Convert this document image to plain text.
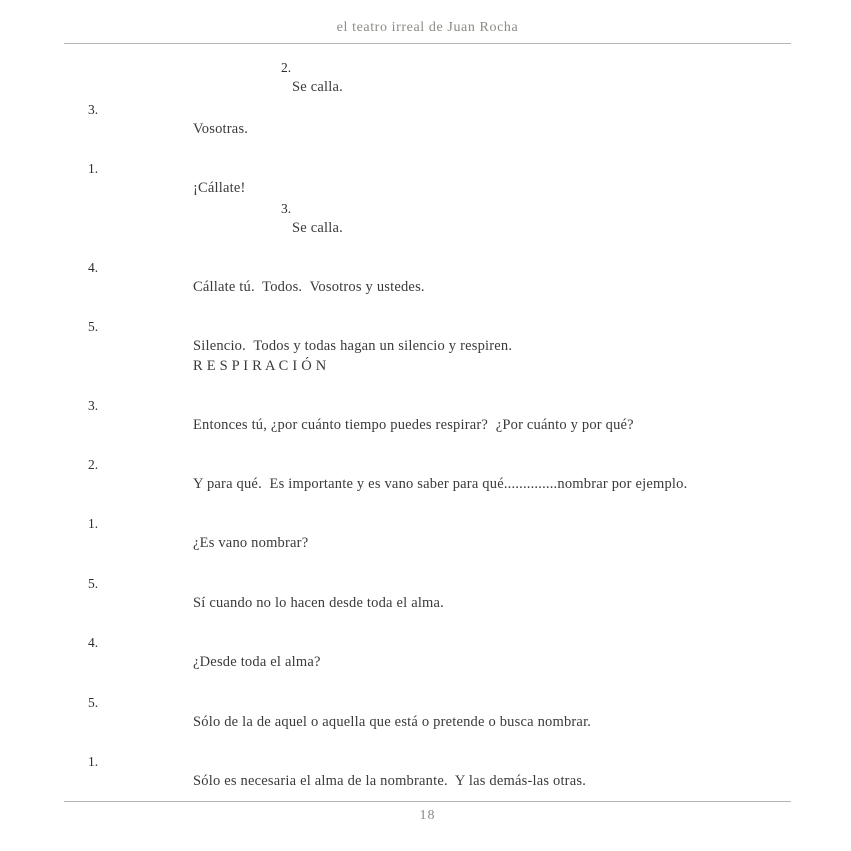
el teatro irreal de Juan Rocha
2.
Se calla.
3.
Vosotras.
1.
¡Cállate!
3.
Se calla.
4.
Cállate tú.  Todos.  Vosotros y ustedes.
5.
Silencio.  Todos y todas hagan un silencio y respiren.
R E S P I R A C I Ó N
3.
Entonces tú, ¿por cuánto tiempo puedes respirar?  ¿Por cuánto y por qué?
2.
Y para qué.  Es importante y es vano saber para qué..............nombrar por ejemplo.
1.
¿Es vano nombrar?
5.
Sí cuando no lo hacen desde toda el alma.
4.
¿Desde toda el alma?
5.
Sólo de la de aquel o aquella que está o pretende o busca nombrar.
1.
Sólo es necesaria el alma de la nombrante.  Y las demás-las otras.
18
